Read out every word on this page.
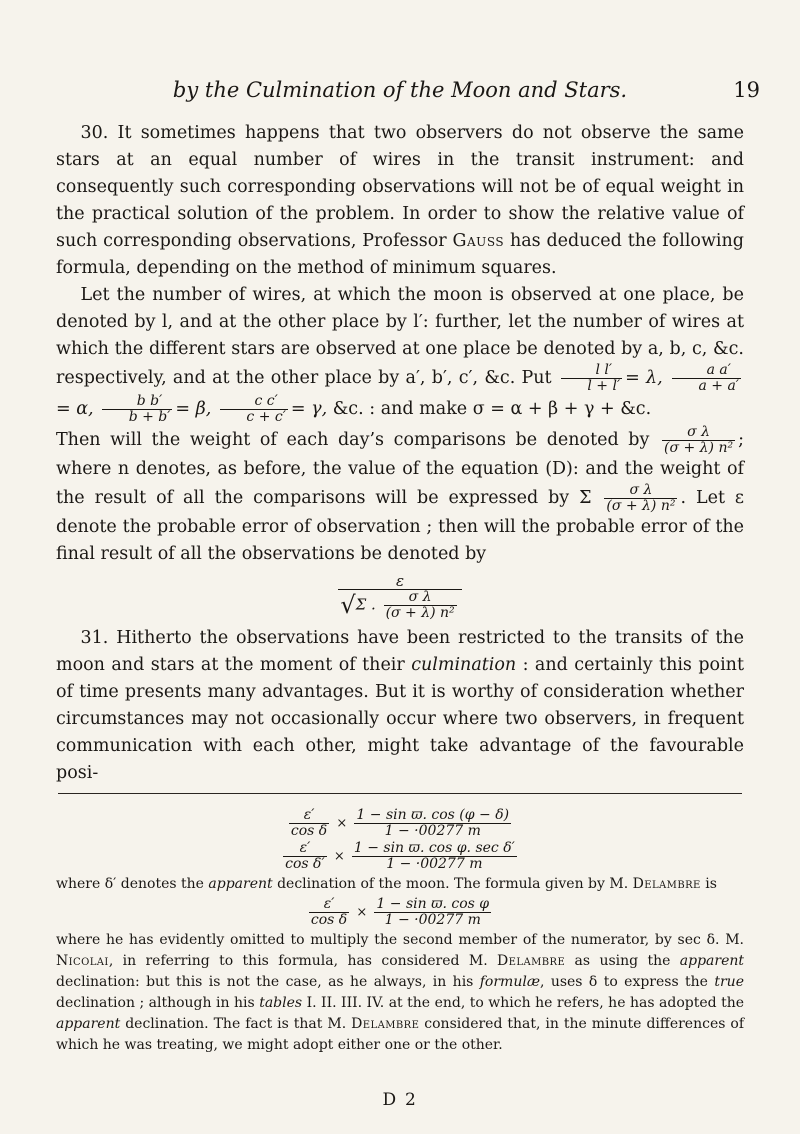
by the Culmination of the Moon and Stars.	19

30. It sometimes happens that two observers do not observe the same stars at an equal number of wires in the transit instrument: and consequently such corresponding observations will not be of equal weight in the practical solution of the problem. In order to show the relative value of such corresponding observations, Professor Gauss has deduced the following formula, depending on the method of minimum squares.

Let the number of wires, at which the moon is observed at one place, be denoted by l, and at the other place by l′: further, let the number of wires at which the different stars are observed at one place be denoted by a, b, c, &c. respectively, and at the other place by a′, b′, c′, &c. Put $\frac{\text{l l′}}{l + l'} = \lambda$, $\frac{\text{a a′}}{a + a'}$
= α, $\frac{\text{b b′}}{b + b'} = \beta$, $\frac{\text{c c′}}{c + c'} = \gamma$, &c. : and make σ = α + β + γ + &c.

Then will the weight of each day’s comparisons be denoted by $\frac{\text{σ λ}}{\text{(σ + λ) n²}}$ ; where n denotes, as before, the value of the equation (D): and the weight of the result of all the comparisons will be expressed by Σ $\frac{\text{σ λ}}{\text{(σ + λ) n²}}$ . Let ε denote the probable error of observation ; then will the probable error of the final result of all the observations be denoted by

$\frac{\varepsilon}{√\Sigma . \frac{\text{σ λ}}{\text{(σ + λ) n²}}}$

31. Hitherto the observations have been restricted to the transits of the moon and stars at the moment of their culmination : and certainly this point of time presents many advantages. But it is worthy of consideration whether circumstances may not occasionally occur where two observers, in frequent communication with each other, might take advantage of the favourable posi-

$\frac{\varepsilon'}{\text{cos δ}} \times \frac{\text{1 − sin ϖ. cos (φ − δ)}}{1 - \cdot 00277 m}$
$\frac{\varepsilon'}{\text{cos δ′}} \times \frac{\text{1 − sin ϖ. cos φ. sec δ′}}{1 - \cdot 00277 m}$

where δ′ denotes the apparent declination of the moon. The formula given by M. Delambre is

$\frac{\varepsilon'}{\text{cos δ}} \times \frac{\text{1 − sin ϖ. cos φ}}{1 - \cdot 00277 m}$

where he has evidently omitted to multiply the second member of the numerator, by sec δ. M. Nicolai, in referring to this formula, has considered M. Delambre as using the apparent declination: but this is not the case, as he always, in his formulæ, uses δ to express the true declination ; although in his tables I. II. III. IV. at the end, to which he refers, he has adopted the apparent declination. The fact is that M. Delambre considered that, in the minute differences of which he was treating, we might adopt either one or the other.

D 2
